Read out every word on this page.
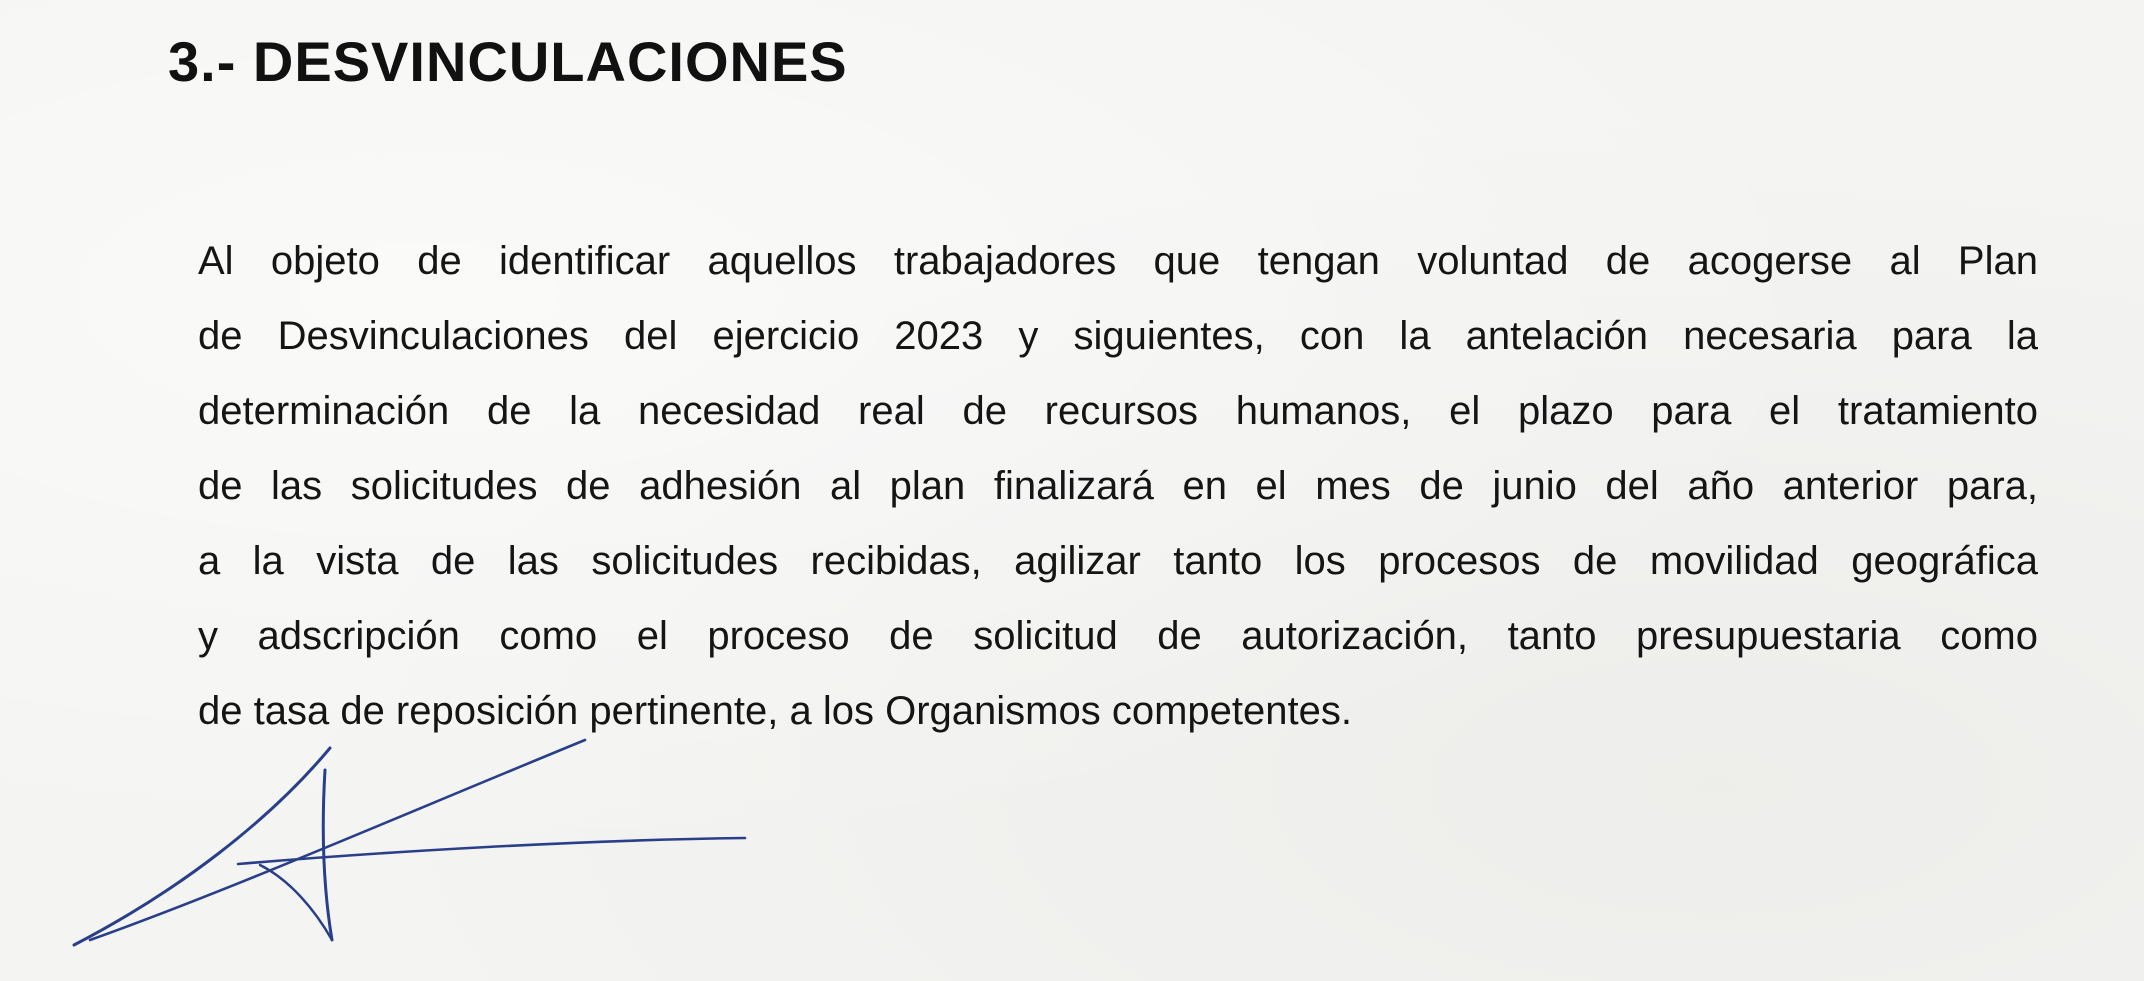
3.- DESVINCULACIONES
Al objeto de identificar aquellos trabajadores que tengan voluntad de acogerse al Plan
de Desvinculaciones del ejercicio 2023 y siguientes, con la antelación necesaria para la
determinación de la necesidad real de recursos humanos, el plazo para el tratamiento
de las solicitudes de adhesión al plan finalizará en el mes de junio del año anterior para,
a la vista de las solicitudes recibidas, agilizar tanto los procesos de movilidad geográfica
y adscripción como el proceso de solicitud de autorización, tanto presupuestaria como
de tasa de reposición pertinente, a los Organismos competentes.
